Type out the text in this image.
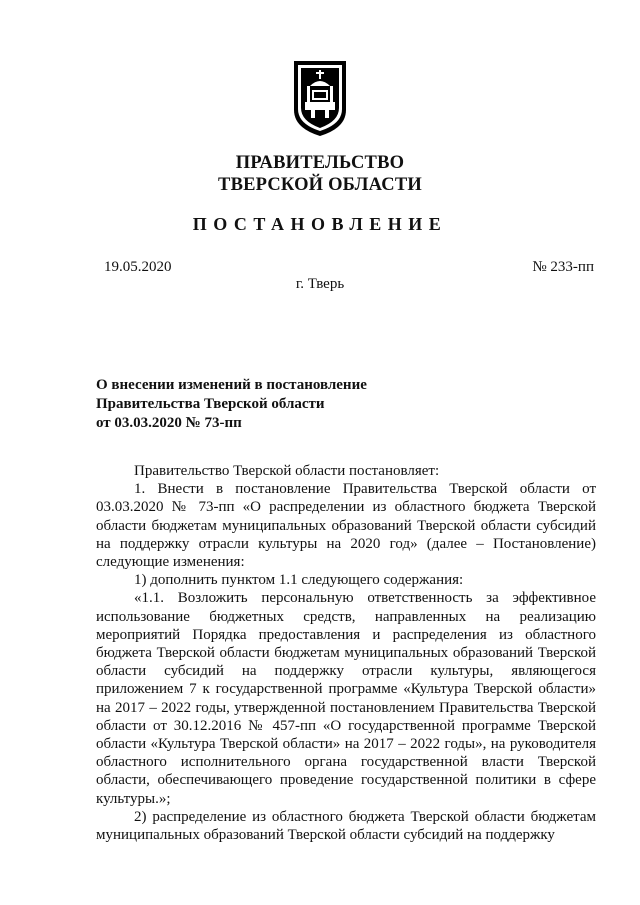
ПРАВИТЕЛЬСТВО
ТВЕРСКОЙ ОБЛАСТИ
ПОСТАНОВЛЕНИЕ
19.05.2020	№ 233-пп
г. Тверь
О внесении изменений в постановление
Правительства Тверской области
от 03.03.2020 № 73-пп

Правительство Тверской области постановляет:

1. Внести в постановление Правительства Тверской области от 03.03.2020 № 73-пп «О распределении из областного бюджета Тверской области бюджетам муниципальных образований Тверской области субсидий на поддержку отрасли культуры на 2020 год» (далее – Постановление) следующие изменения:

1) дополнить пунктом 1.1 следующего содержания:

«1.1. Возложить персональную ответственность за эффективное использование бюджетных средств, направленных на реализацию мероприятий Порядка предоставления и распределения из областного бюджета Тверской области бюджетам муниципальных образований Тверской области субсидий на поддержку отрасли культуры, являющегося приложением 7 к государственной программе «Культура Тверской области» на 2017 – 2022 годы, утвержденной постановлением Правительства Тверской области от 30.12.2016 № 457-пп «О государственной программе Тверской области «Культура Тверской области» на 2017 – 2022 годы», на руководителя областного исполнительного органа государственной власти Тверской области, обеспечивающего проведение государственной политики в сфере культуры.»;

2) распределение из областного бюджета Тверской области бюджетам муниципальных образований Тверской области субсидий на поддержку
